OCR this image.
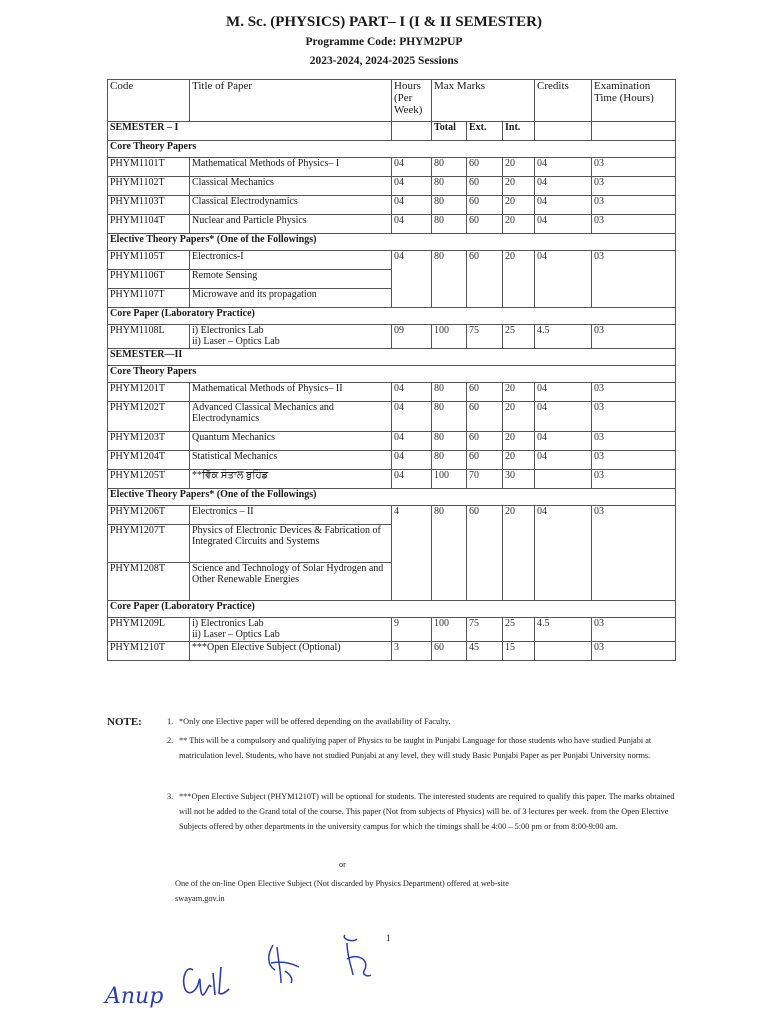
M. Sc. (PHYSICS) PART– I (I & II SEMESTER)
Programme Code: PHYM2PUP
2023-2024, 2024-2025 Sessions
Code	Title of Paper	Hours (Per Week)	Max Marks			Credits	Examination Time (Hours)
SEMESTER – I			Total	Ext.	Int.		
Core Theory Papers							
PHYM1101T	Mathematical Methods of Physics– I	04	80	60	20	04	03
PHYM1102T	Classical Mechanics	04	80	60	20	04	03
PHYM1103T	Classical Electrodynamics	04	80	60	20	04	03
PHYM1104T	Nuclear and Particle Physics	04	80	60	20	04	03
Elective Theory Papers* (One of the Followings)							
PHYM1105T	Electronics-I	04	80	60	20	04	03
PHYM1106T	Remote Sensing						
PHYM1107T	Microwave and its propagation						
Core Paper (Laboratory Practice)							
PHYM1108L	i) Electronics Lab
ii) Laser – Optics Lab	09	100	75	25	4.5	03
SEMESTER—II							
Core Theory Papers							
PHYM1201T	Mathematical Methods of Physics– II	04	80	60	20	04	03
PHYM1202T	Advanced Classical Mechanics and Electrodynamics	04	80	60	20	04	03
PHYM1203T	Quantum Mechanics	04	80	60	20	04	03
PHYM1204T	Statistical Mechanics	04	80	60	20	04	03
PHYM1205T	**ਵਿੱਕ ਸੰਤਾਲ ਬੁਹਿੰਡ	04	100	70	30		03
Elective Theory Papers* (One of the Followings)							
PHYM1206T	Electronics – II	4	80	60	20	04	03
PHYM1207T	Physics of Electronic Devices & Fabrication of Integrated Circuits and Systems						
PHYM1208T	Science and Technology of Solar Hydrogen and Other Renewable Energies						
Core Paper (Laboratory Practice)							
PHYM1209L	i) Electronics Lab
ii) Laser – Optics Lab	9	100	75	25	4.5	03
PHYM1210T	***Open Elective Subject (Optional)	3	60	45	15		03
NOTE:	1. *Only one Elective paper will be offered depending on the availability of Faculty.
2. ** This will be a compulsory and qualifying paper of Physics to be taught in Punjabi Language for those students who have studied Punjabi at matriculation level. Students, who have not studied Punjabi at any level, they will study Basic Punjabi Paper as per Punjabi University norms.
3. ***Open Elective Subject (PHYM1210T) will be optional for students. The interested students are required to qualify this paper. The marks obtained will not be added to the Grand total of the course. This paper (Not from subjects of Physics) will be. of 3 lectures per week. from the Open Elective Subjects offered by other departments in the university campus for which the timings shall be 4:00 – 5:00 pm or from 8:00-9:00 am.
or
One of the on-line Open Elective Subject (Not discarded by Physics Department) offered at web-site
swayam.gov.in
1
Anup
